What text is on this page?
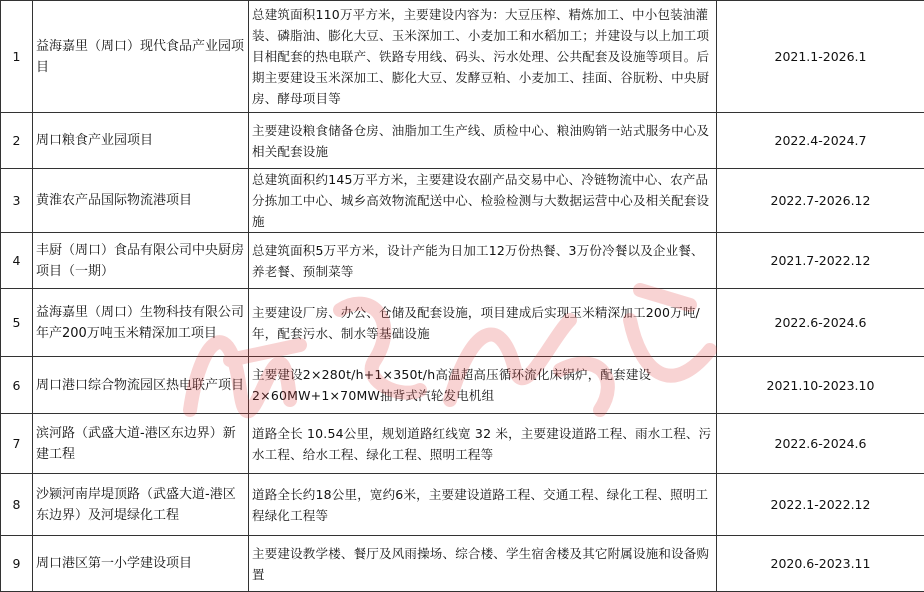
1	益海嘉里（周口）现代食品产业园项目	总建筑面积110万平方米，主要建设内容为：大豆压榨、精炼加工、中小包装油灌装、磷脂油、膨化大豆、玉米深加工、小麦加工和水稻加工；并建设与以上加工项目相配套的热电联产、铁路专用线、码头、污水处理、公共配套及设施等项目。后期主要建设玉米深加工、膨化大豆、发酵豆粕、小麦加工、挂面、谷朊粉、中央厨房、酵母项目等	2021.1-2026.1
2	周口粮食产业园项目	主要建设粮食储备仓房、油脂加工生产线、质检中心、粮油购销一站式服务中心及相关配套设施	2022.4-2024.7
3	黄淮农产品国际物流港项目	总建筑面积约145万平方米，主要建设农副产品交易中心、冷链物流中心、农产品分拣加工中心、城乡高效物流配送中心、检验检测与大数据运营中心及相关配套设施	2022.7-2026.12
4	丰厨（周口）食品有限公司中央厨房项目（一期）	总建筑面积5万平方米，设计产能为日加工12万份热餐、3万份冷餐以及企业餐、养老餐、预制菜等	2021.7-2022.12
5	益海嘉里（周口）生物科技有限公司年产200万吨玉米精深加工项目	主要建设厂房、办公、仓储及配套设施，项目建成后实现玉米精深加工200万吨/年，配套污水、制水等基础设施	2022.6-2024.6
6	周口港口综合物流园区热电联产项目	主要建设2×280t/h+1×350t/h高温超高压循环流化床锅炉，配套建设2×60MW+1×70MW抽背式汽轮发电机组	2021.10-2023.10
7	滨河路（武盛大道-港区东边界）新建工程	道路全长 10.54公里，规划道路红线宽 32 米，主要建设道路工程、雨水工程、污水工程、给水工程、绿化工程、照明工程等	2022.6-2024.6
8	沙颍河南岸堤顶路（武盛大道-港区东边界）及河堤绿化工程	道路全长约18公里，宽约6米，主要建设道路工程、交通工程、绿化工程、照明工程绿化工程等	2022.1-2022.12
9	周口港区第一小学建设项目	主要建设教学楼、餐厅及风雨操场、综合楼、学生宿舍楼及其它附属设施和设备购置	2020.6-2023.11
